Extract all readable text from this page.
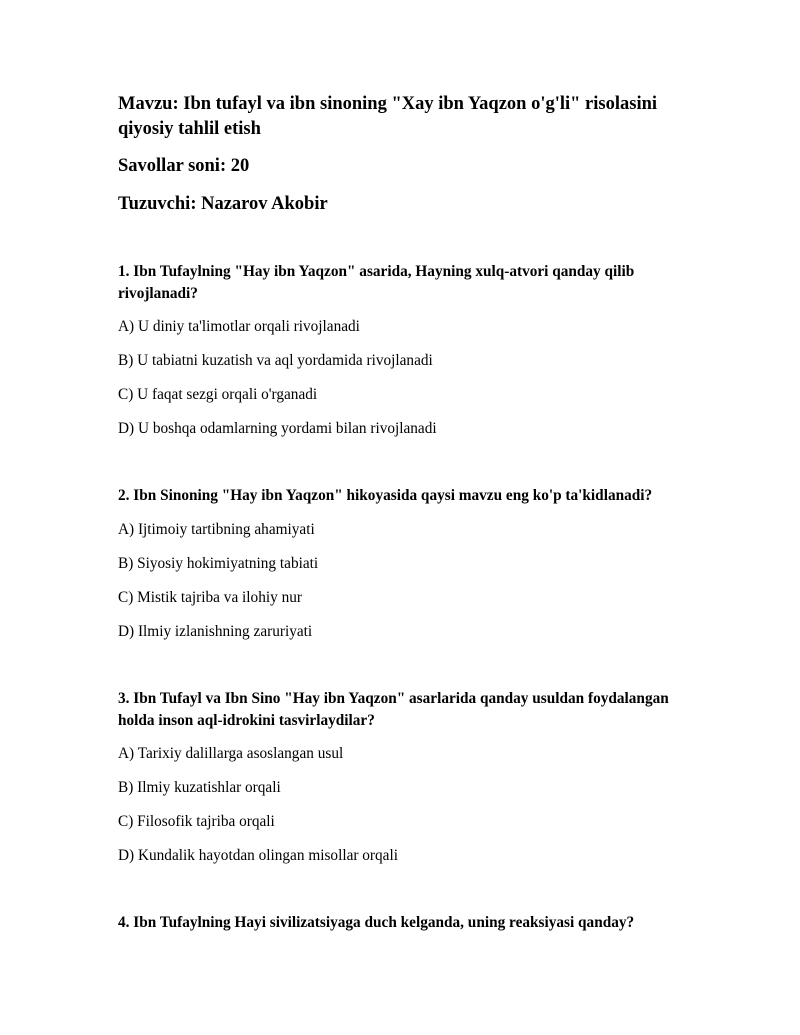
Mavzu: Ibn tufayl va ibn sinoning "Xay ibn Yaqzon o'g'li" risolasini qiyosiy tahlil etish

Savollar soni: 20

Tuzuvchi: Nazarov Akobir

1. Ibn Tufaylning "Hay ibn Yaqzon" asarida, Hayning xulq-atvori qanday qilib rivojlanadi?

A) U diniy ta'limotlar orqali rivojlanadi

B) U tabiatni kuzatish va aql yordamida rivojlanadi

C) U faqat sezgi orqali o'rganadi

D) U boshqa odamlarning yordami bilan rivojlanadi

2. Ibn Sinoning "Hay ibn Yaqzon" hikoyasida qaysi mavzu eng ko'p ta'kidlanadi?

A) Ijtimoiy tartibning ahamiyati

B) Siyosiy hokimiyatning tabiati

C) Mistik tajriba va ilohiy nur

D) Ilmiy izlanishning zaruriyati

3. Ibn Tufayl va Ibn Sino "Hay ibn Yaqzon" asarlarida qanday usuldan foydalangan holda inson aql-idrokini tasvirlaydilar?

A) Tarixiy dalillarga asoslangan usul

B) Ilmiy kuzatishlar orqali

C) Filosofik tajriba orqali

D) Kundalik hayotdan olingan misollar orqali

4. Ibn Tufaylning Hayi sivilizatsiyaga duch kelganda, uning reaksiyasi qanday?
